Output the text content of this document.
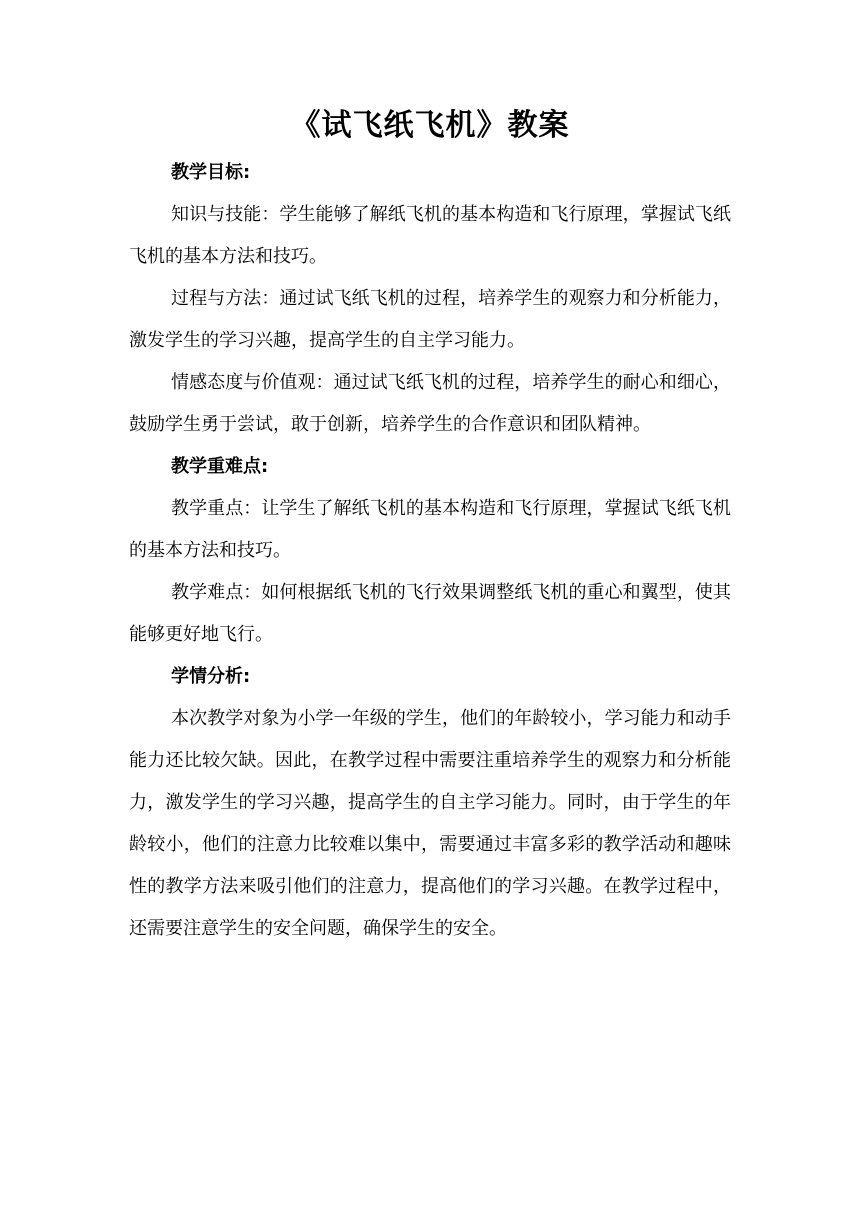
《试飞纸飞机》教案

教学目标:

知识与技能：学生能够了解纸飞机的基本构造和飞行原理，掌握试飞纸飞机的基本方法和技巧。

过程与方法：通过试飞纸飞机的过程，培养学生的观察力和分析能力，激发学生的学习兴趣，提高学生的自主学习能力。

情感态度与价值观：通过试飞纸飞机的过程，培养学生的耐心和细心，鼓励学生勇于尝试，敢于创新，培养学生的合作意识和团队精神。

教学重难点:

教学重点：让学生了解纸飞机的基本构造和飞行原理，掌握试飞纸飞机的基本方法和技巧。

教学难点：如何根据纸飞机的飞行效果调整纸飞机的重心和翼型，使其能够更好地飞行。

学情分析:

本次教学对象为小学一年级的学生，他们的年龄较小，学习能力和动手能力还比较欠缺。因此，在教学过程中需要注重培养学生的观察力和分析能力，激发学生的学习兴趣，提高学生的自主学习能力。同时，由于学生的年龄较小，他们的注意力比较难以集中，需要通过丰富多彩的教学活动和趣味性的教学方法来吸引他们的注意力，提高他们的学习兴趣。在教学过程中，还需要注意学生的安全问题，确保学生的安全。
